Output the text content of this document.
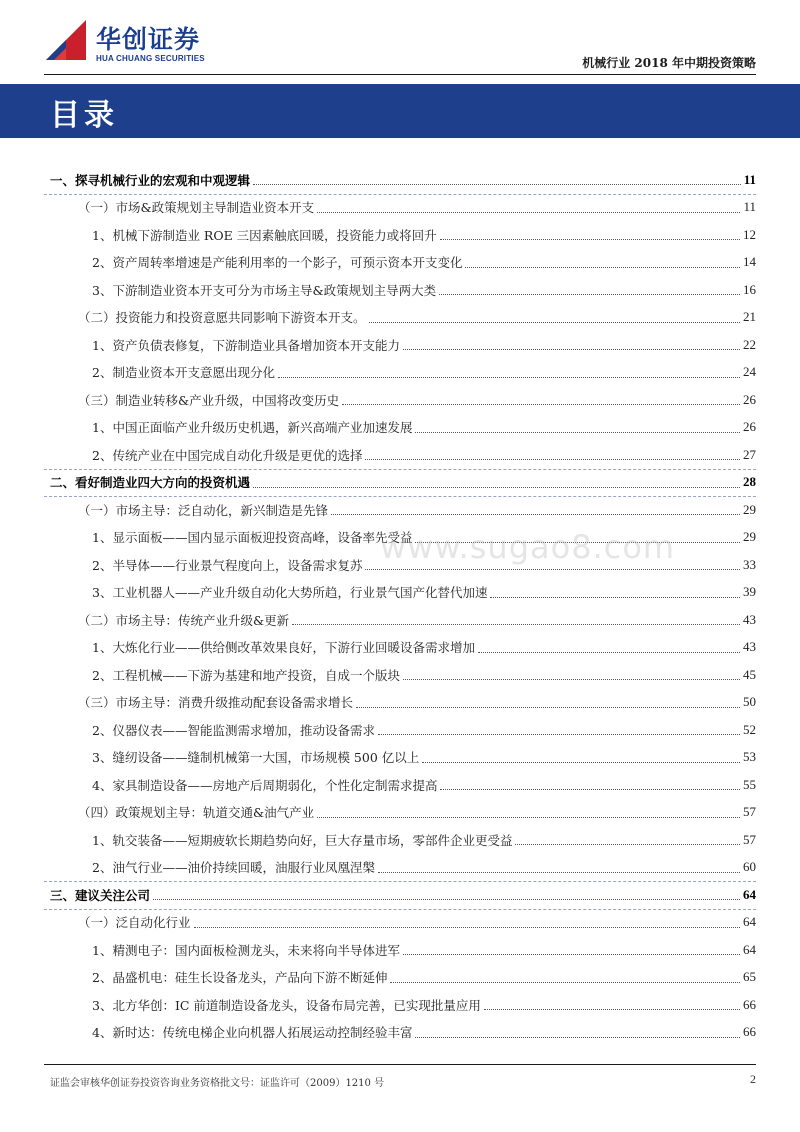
华创证券
HUA CHUANG SECURITIES	机械行业 2018 年中期投资策略
目录
一、探寻机械行业的宏观和中观逻辑	11
（一）市场&政策规划主导制造业资本开支	11
1、机械下游制造业 ROE 三因素触底回暖，投资能力或将回升	12
2、资产周转率增速是产能利用率的一个影子，可预示资本开支变化	14
3、下游制造业资本开支可分为市场主导&政策规划主导两大类	16
（二）投资能力和投资意愿共同影响下游资本开支。	21
1、资产负债表修复，下游制造业具备增加资本开支能力	22
2、制造业资本开支意愿出现分化	24
（三）制造业转移&产业升级，中国将改变历史	26
1、中国正面临产业升级历史机遇，新兴高端产业加速发展	26
2、传统产业在中国完成自动化升级是更优的选择	27
二、看好制造业四大方向的投资机遇	28
（一）市场主导：泛自动化，新兴制造是先锋	29
1、显示面板——国内显示面板迎投资高峰，设备率先受益	29
2、半导体——行业景气程度向上，设备需求复苏	33
3、工业机器人——产业升级自动化大势所趋，行业景气国产化替代加速	39
（二）市场主导：传统产业升级&更新	43
1、大炼化行业——供给侧改革效果良好，下游行业回暖设备需求增加	43
2、工程机械——下游为基建和地产投资，自成一个版块	45
（三）市场主导：消费升级推动配套设备需求增长	50
2、仪器仪表——智能监测需求增加，推动设备需求	52
3、缝纫设备——缝制机械第一大国，市场规模 500 亿以上	53
4、家具制造设备——房地产后周期弱化，个性化定制需求提高	55
（四）政策规划主导：轨道交通&油气产业	57
1、轨交装备——短期疲软长期趋势向好，巨大存量市场，零部件企业更受益	57
2、油气行业——油价持续回暖，油服行业凤凰涅槃	60
三、建议关注公司	64
（一）泛自动化行业	64
1、精测电子：国内面板检测龙头，未来将向半导体进军	64
2、晶盛机电：硅生长设备龙头，产品向下游不断延伸	65
3、北方华创：IC 前道制造设备龙头，设备布局完善，已实现批量应用	66
4、新时达：传统电梯企业向机器人拓展运动控制经验丰富	66
www.sugao8.com
证监会审核华创证券投资咨询业务资格批文号：证监许可（2009）1210 号	2
